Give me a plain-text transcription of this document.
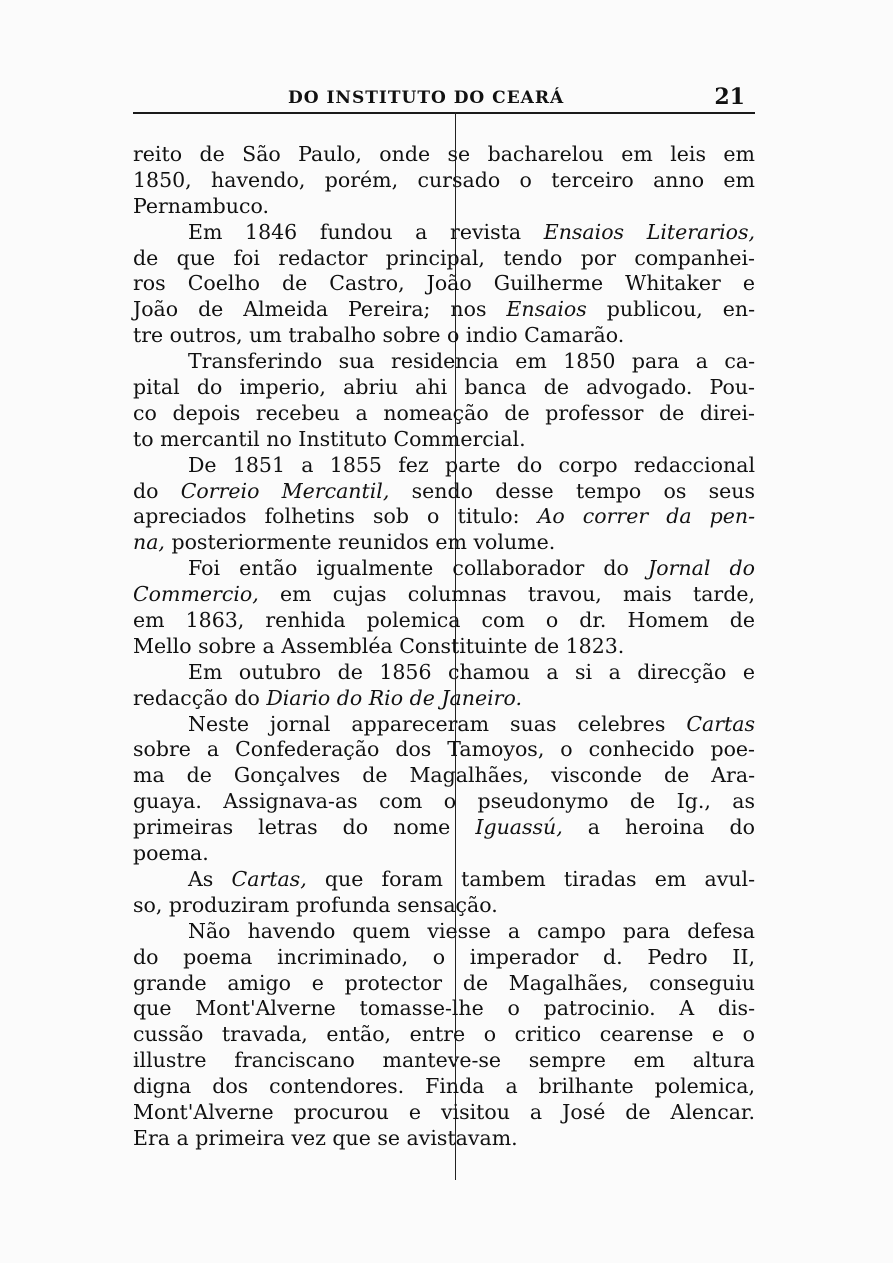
DO INSTITUTO DO CEARÁ	21
reito de São Paulo, onde se bacharelou em leis em
1850, havendo, porém, cursado o terceiro anno em
Pernambuco.
Em 1846 fundou a revista Ensaios Literarios,
de que foi redactor principal, tendo por companhei-
ros Coelho de Castro, João Guilherme Whitaker e
João de Almeida Pereira; nos Ensaios publicou, en-
tre outros, um trabalho sobre o indio Camarão.
Transferindo sua residencia em 1850 para a ca-
pital do imperio, abriu ahi banca de advogado. Pou-
co depois recebeu a nomeação de professor de direi-
to mercantil no Instituto Commercial.
De 1851 a 1855 fez parte do corpo redaccional
do Correio Mercantil, sendo desse tempo os seus
apreciados folhetins sob o titulo: Ao correr da pen-
na, posteriormente reunidos em volume.
Foi então igualmente collaborador do Jornal do
Commercio, em cujas columnas travou, mais tarde,
em 1863, renhida polemica com o dr. Homem de
Mello sobre a Assembléa Constituinte de 1823.
Em outubro de 1856 chamou a si a direcção e
redacção do Diario do Rio de Janeiro.
Neste jornal appareceram suas celebres Cartas
sobre a Confederação dos Tamoyos, o conhecido poe-
ma de Gonçalves de Magalhães, visconde de Ara-
guaya. Assignava-as com o pseudonymo de Ig., as
primeiras letras do nome Iguassú, a heroina do
poema.
As Cartas, que foram tambem tiradas em avul-
so, produziram profunda sensação.
Não havendo quem viesse a campo para defesa
do poema incriminado, o imperador d. Pedro II,
grande amigo e protector de Magalhães, conseguiu
que Mont'Alverne tomasse-lhe o patrocinio. A dis-
cussão travada, então, entre o critico cearense e o
illustre franciscano manteve-se sempre em altura
digna dos contendores. Finda a brilhante polemica,
Mont'Alverne procurou e visitou a José de Alencar.
Era a primeira vez que se avistavam.
